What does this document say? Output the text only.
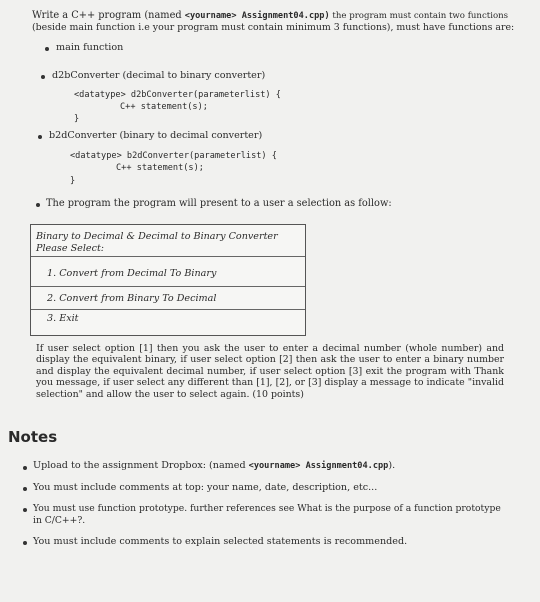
Write a C++ program (named <yourname> Assignment04.cpp) the program must contain two functions
(beside main function i.e your program must contain minimum 3 functions), must have functions are:
main function
d2bConverter (decimal to binary converter)
<datatype> d2bConverter(parameterlist) {
C++ statement(s);
}
b2dConverter (binary to decimal converter)
<datatype> b2dConverter(parameterlist) {
C++ statement(s);
}
The program the program will present to a user a selection as follow:
Binary to Decimal & Decimal to Binary Converter
Please Select:
1. Convert from Decimal To Binary
2. Convert from Binary To Decimal
3. Exit
If user select option [1] then you ask the user to enter a decimal number (whole number) and display the equivalent binary, if user select option [2] then ask the user to enter a binary number and display the equivalent decimal number, if user select option [3] exit the program with Thank you message, if user select any different than [1], [2], or [3] display a message to indicate "invalid selection" and allow the user to select again. (10 points)
Notes
Upload to the assignment Dropbox: (named <yourname> Assignment04.cpp).
You must include comments at top: your name, date, description, etc...
You must use function prototype. further references see What is the purpose of a function prototype
in C/C++?.
You must include comments to explain selected statements is recommended.
